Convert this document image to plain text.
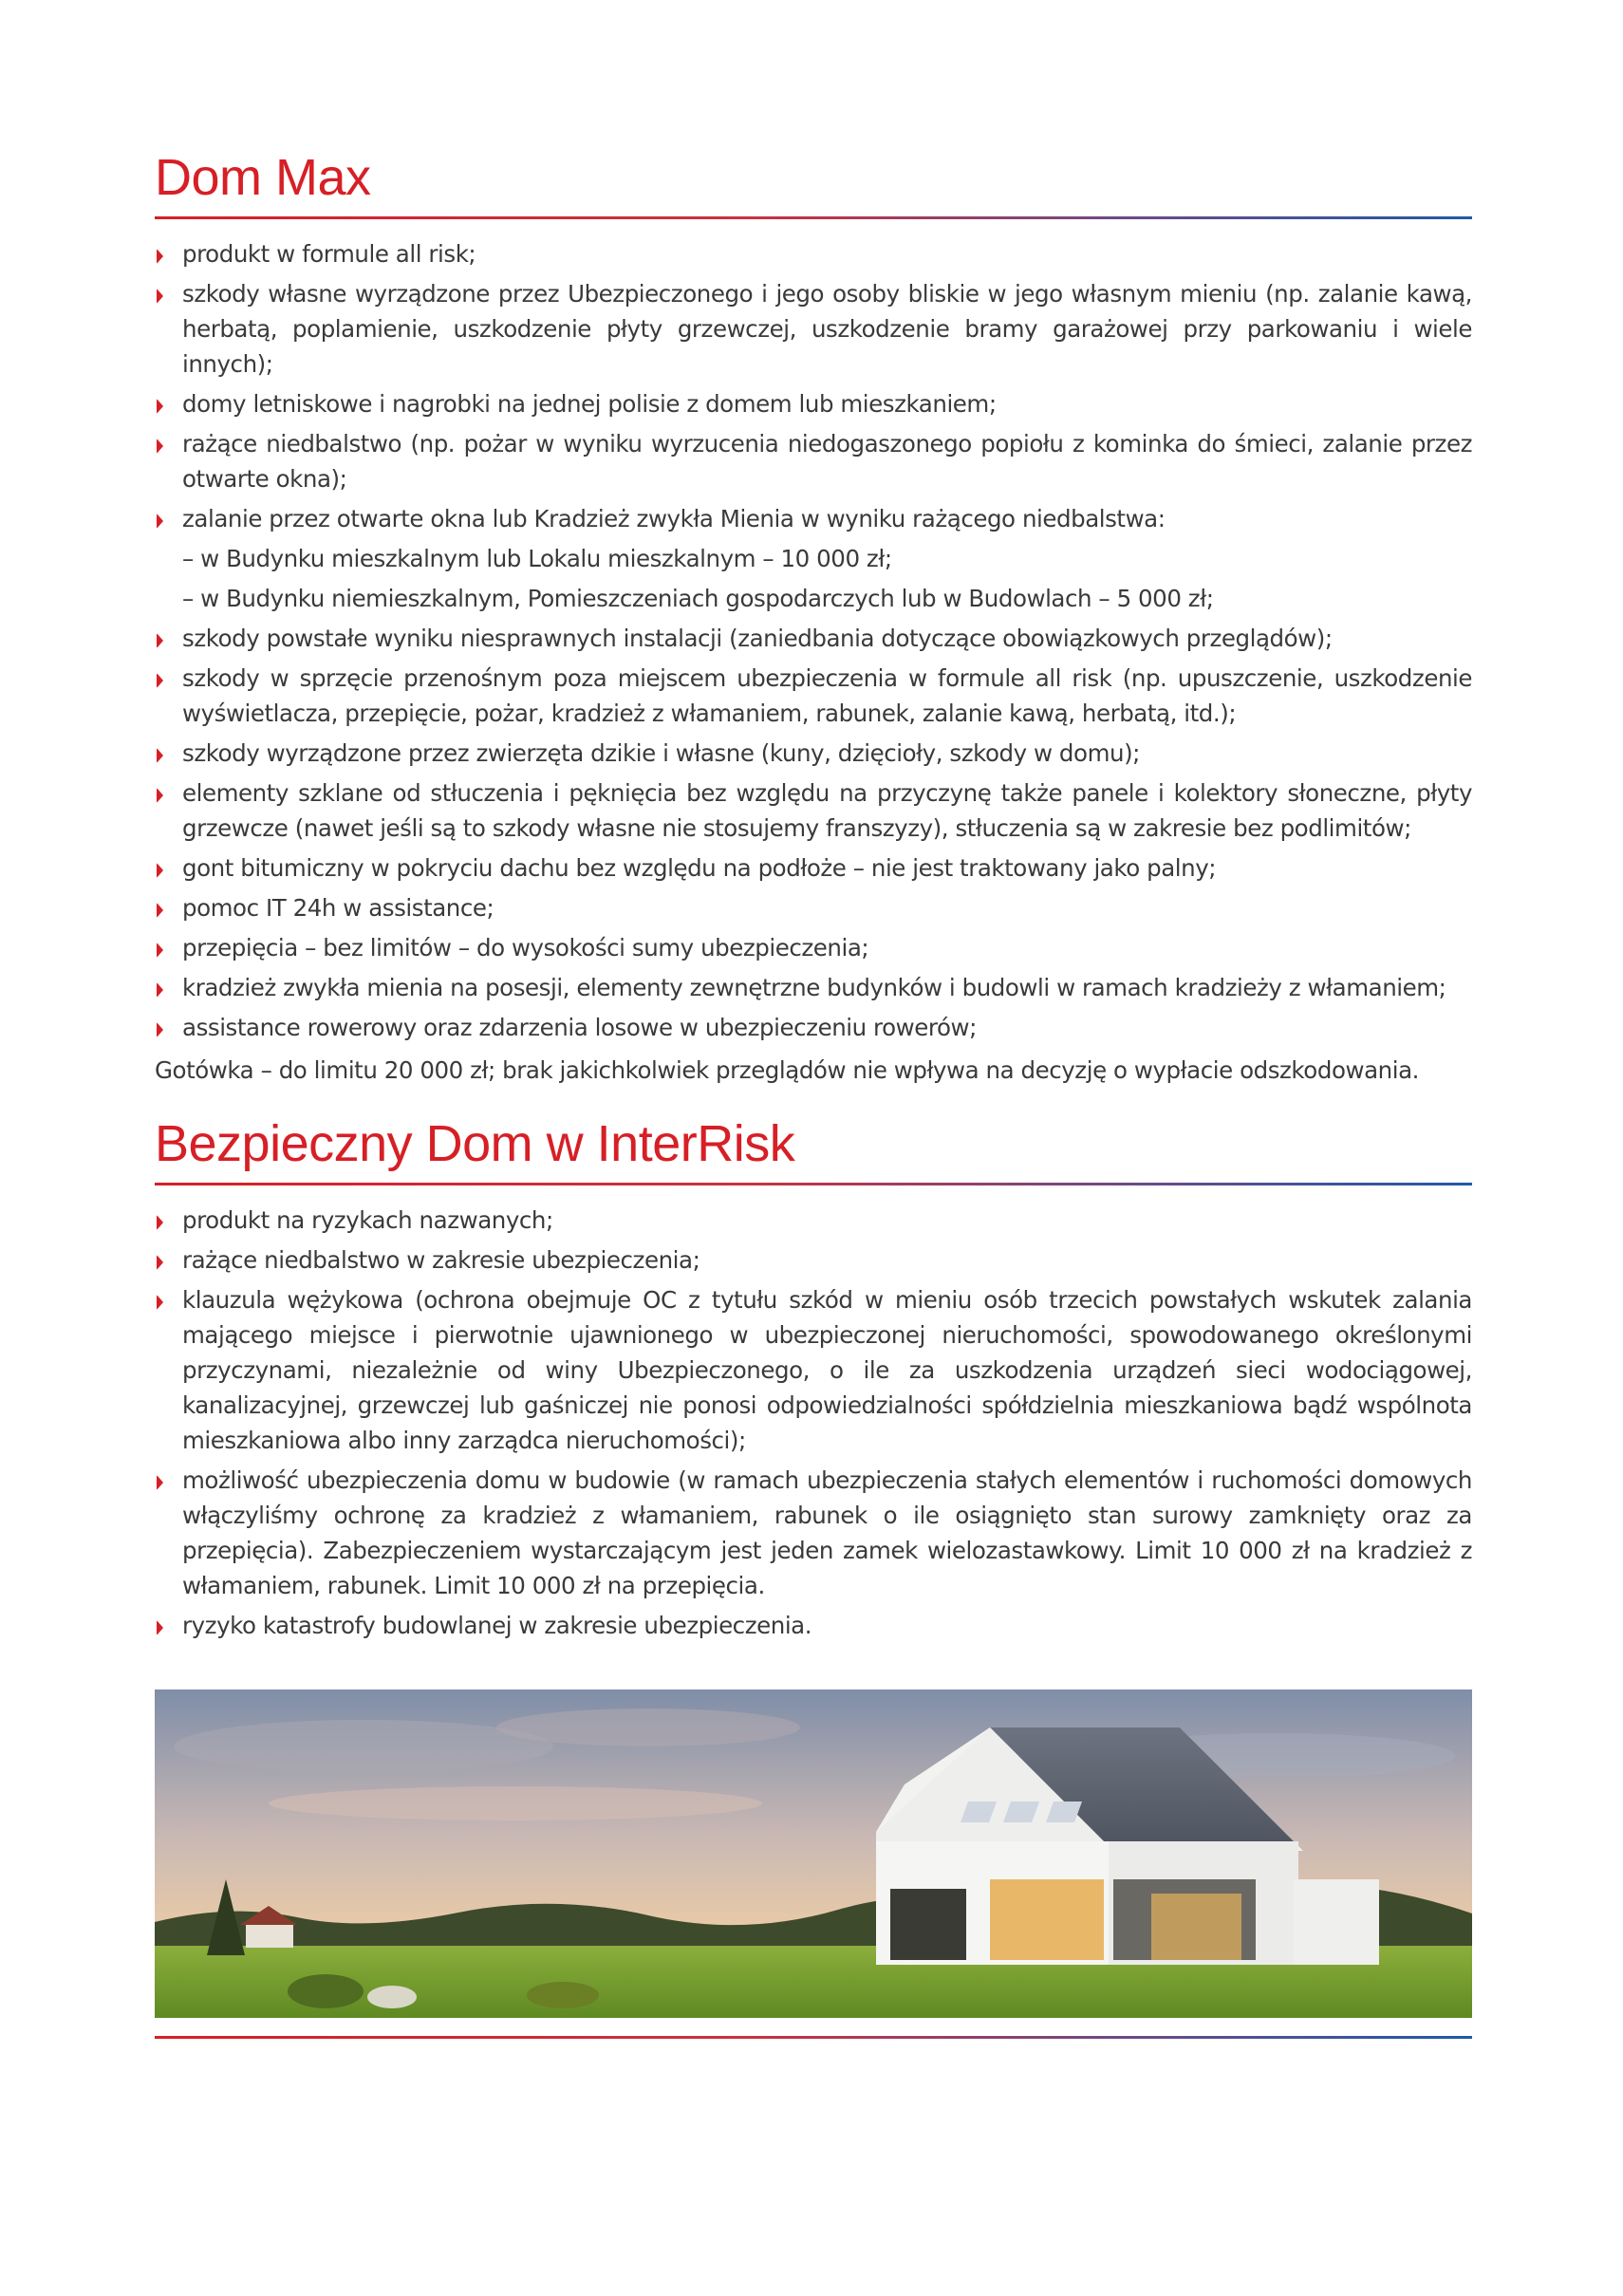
Dom Max
produkt w formule all risk;
szkody własne wyrządzone przez Ubezpieczonego i jego osoby bliskie w jego własnym mieniu (np. zalanie kawą, herbatą, poplamienie, uszkodzenie płyty grzewczej, uszkodzenie bramy garażowej przy parkowaniu i wiele innych);
domy letniskowe i nagrobki na jednej polisie z domem lub mieszkaniem;
rażące niedbalstwo (np. pożar w wyniku wyrzucenia niedogaszonego popiołu z kominka do śmieci, zalanie przez otwarte okna);
zalanie przez otwarte okna lub Kradzież zwykła Mienia w wyniku rażącego niedbalstwa:
– w Budynku mieszkalnym lub Lokalu mieszkalnym – 10 000 zł;
– w Budynku niemieszkalnym, Pomieszczeniach gospodarczych lub w Budowlach – 5 000 zł;
szkody powstałe wyniku niesprawnych instalacji (zaniedbania dotyczące obowiązkowych przeglądów);
szkody w sprzęcie przenośnym poza miejscem ubezpieczenia w formule all risk (np. upuszczenie, uszkodzenie wyświetlacza, przepięcie, pożar, kradzież z włamaniem, rabunek, zalanie kawą, herbatą, itd.);
szkody wyrządzone przez zwierzęta dzikie i własne (kuny, dzięcioły, szkody w domu);
elementy szklane od stłuczenia i pęknięcia bez względu na przyczynę także panele i kolektory słoneczne, płyty grzewcze (nawet jeśli są to szkody własne nie stosujemy franszyzy), stłuczenia są w zakresie bez podlimitów;
gont bitumiczny w pokryciu dachu bez względu na podłoże – nie jest traktowany jako palny;
pomoc IT 24h w assistance;
przepięcia – bez limitów – do wysokości sumy ubezpieczenia;
kradzież zwykła mienia na posesji, elementy zewnętrzne budynków i budowli w ramach kradzieży z włamaniem;
assistance rowerowy oraz zdarzenia losowe w ubezpieczeniu rowerów;
Gotówka – do limitu 20 000 zł; brak jakichkolwiek przeglądów nie wpływa na decyzję o wypłacie odszkodowania.
Bezpieczny Dom w InterRisk
produkt na ryzykach nazwanych;
rażące niedbalstwo w zakresie ubezpieczenia;
klauzula wężykowa (ochrona obejmuje OC z tytułu szkód w mieniu osób trzecich powstałych wskutek zalania mającego miejsce i pierwotnie ujawnionego w ubezpieczonej nieruchomości, spowodowanego określonymi przyczynami, niezależnie od winy Ubezpieczonego, o ile za uszkodzenia urządzeń sieci wodociągowej, kanalizacyjnej, grzewczej lub gaśniczej nie ponosi odpowiedzialności spółdzielnia mieszkaniowa bądź wspólnota mieszkaniowa albo inny zarządca nieruchomości);
możliwość ubezpieczenia domu w budowie (w ramach ubezpieczenia stałych elementów i ruchomości domowych włączyliśmy ochronę za kradzież z włamaniem, rabunek o ile osiągnięto stan surowy zamknięty oraz za przepięcia). Zabezpieczeniem wystarczającym jest jeden zamek wielozastawkowy. Limit 10 000 zł na kradzież z włamaniem, rabunek. Limit 10 000 zł na przepięcia.
ryzyko katastrofy budowlanej w zakresie ubezpieczenia.
